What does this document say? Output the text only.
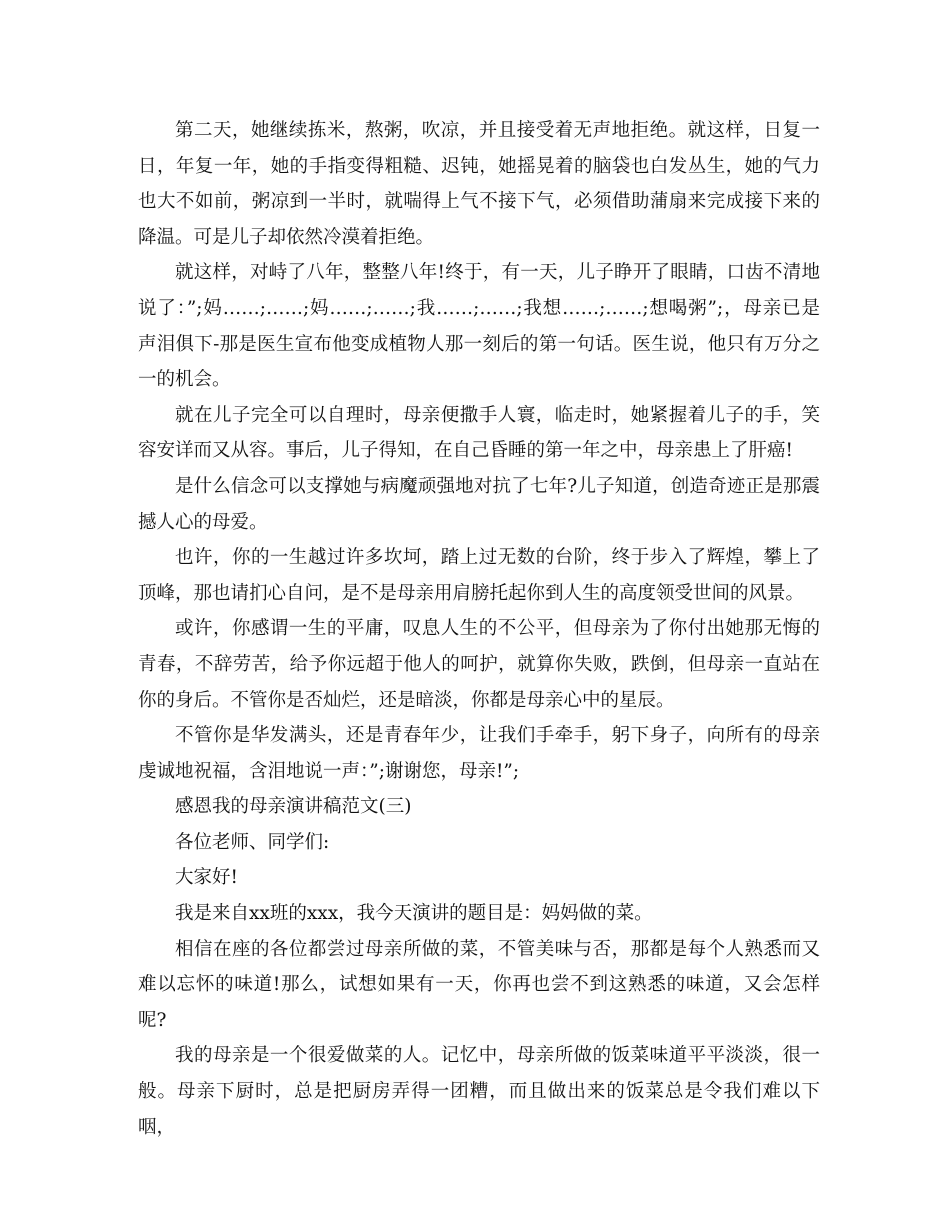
第二天，她继续拣米，熬粥，吹凉，并且接受着无声地拒绝。就这样，日复一日，年复一年，她的手指变得粗糙、迟钝，她摇晃着的脑袋也白发丛生，她的气力也大不如前，粥凉到一半时，就喘得上气不接下气，必须借助蒲扇来完成接下来的降温。可是儿子却依然冷漠着拒绝。

就这样，对峙了八年，整整八年!终于，有一天，儿子睁开了眼睛，口齿不清地说了：”;妈……;……;妈……;……;我……;……;我想……;……;想喝粥”;，母亲已是声泪俱下-那是医生宣布他变成植物人那一刻后的第一句话。医生说，他只有万分之一的机会。

就在儿子完全可以自理时，母亲便撒手人寰，临走时，她紧握着儿子的手，笑容安详而又从容。事后，儿子得知，在自己昏睡的第一年之中，母亲患上了肝癌!

是什么信念可以支撑她与病魔顽强地对抗了七年?儿子知道，创造奇迹正是那震撼人心的母爱。

也许，你的一生越过许多坎坷，踏上过无数的台阶，终于步入了辉煌，攀上了顶峰，那也请扪心自问，是不是母亲用肩膀托起你到人生的高度领受世间的风景。

或许，你感谓一生的平庸，叹息人生的不公平，但母亲为了你付出她那无悔的青春，不辞劳苦，给予你远超于他人的呵护，就算你失败，跌倒，但母亲一直站在你的身后。不管你是否灿烂，还是暗淡，你都是母亲心中的星辰。

不管你是华发满头，还是青春年少，让我们手牵手，躬下身子，向所有的母亲虔诚地祝福，含泪地说一声：”;谢谢您，母亲!”;

感恩我的母亲演讲稿范文(三)

各位老师、同学们:

大家好!

我是来自xx班的xxx，我今天演讲的题目是：妈妈做的菜。

相信在座的各位都尝过母亲所做的菜，不管美味与否，那都是每个人熟悉而又难以忘怀的味道!那么，试想如果有一天，你再也尝不到这熟悉的味道，又会怎样呢?

我的母亲是一个很爱做菜的人。记忆中，母亲所做的饭菜味道平平淡淡，很一般。母亲下厨时，总是把厨房弄得一团糟，而且做出来的饭菜总是令我们难以下咽，
